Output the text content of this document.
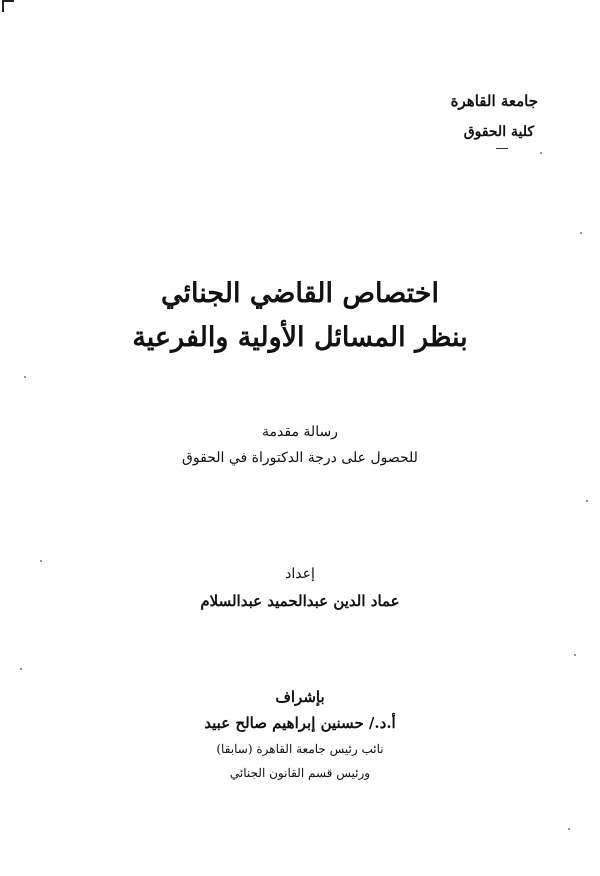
جامعة القاهرة
كلية الحقوق
اختصاص القاضي الجنائي
بنظر المسائل الأولية والفرعية
رسالة مقدمة
للحصول على درجة الدكتوراة في الحقوق
إعداد
عماد الدين عبدالحميد عبدالسلام
بإشراف
أ.د./ حسنين إبراهيم صالح عبيد
نائب رئيس جامعة القاهرة (سابقا)
ورئيس قسم القانون الجنائي
